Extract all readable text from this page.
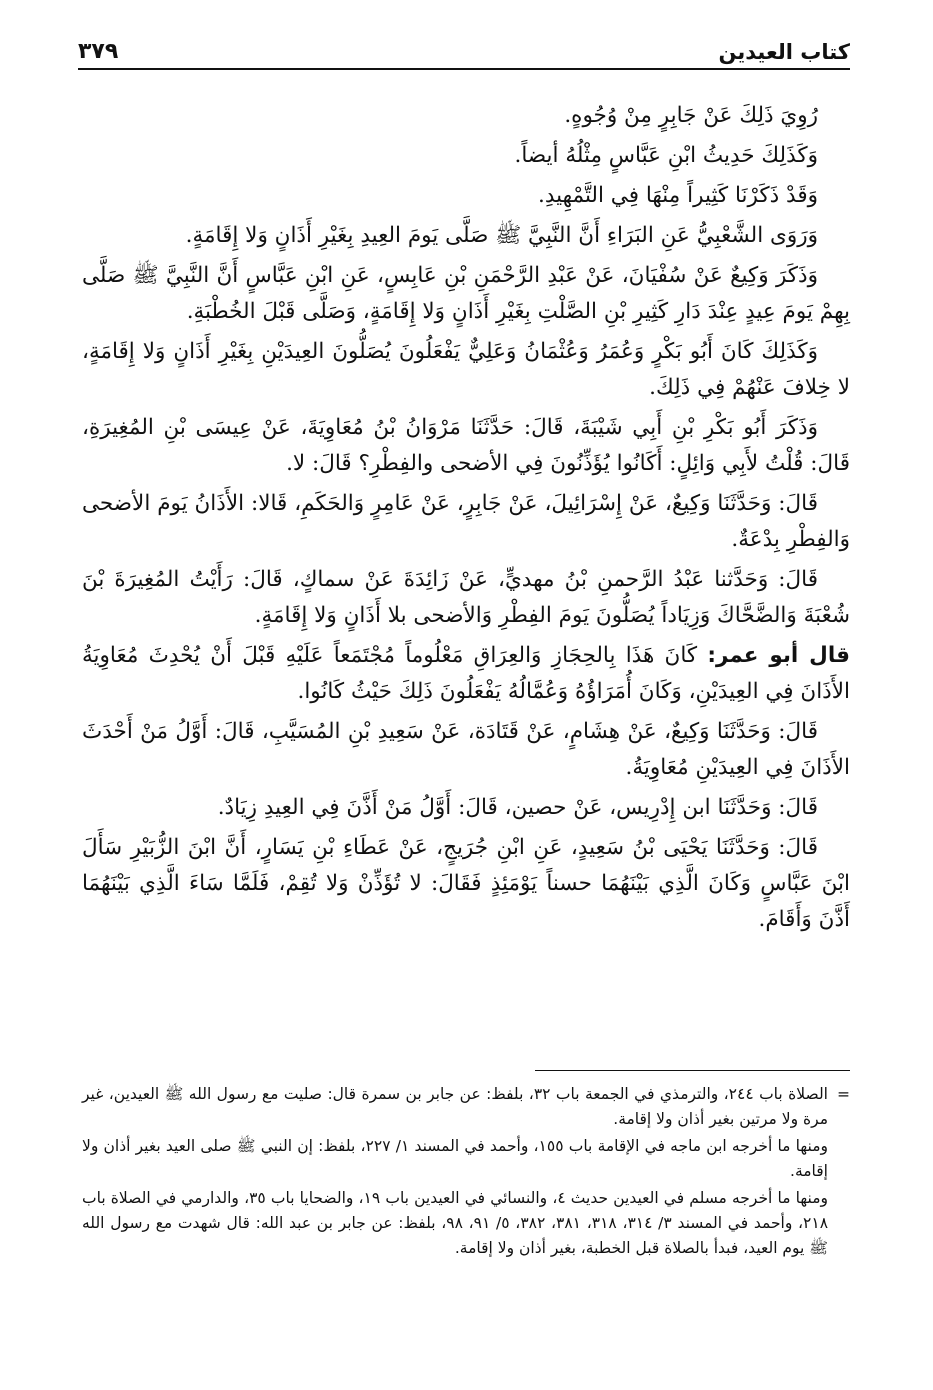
كتاب العيدين
٣٧٩

رُوِيَ ذَلِكَ عَنْ جَابِرٍ مِنْ وُجُوهٍ.

وَكَذَلِكَ حَدِيثُ ابْنِ عَبَّاسٍ مِثْلُهُ أيضاً.

وَقَدْ ذَكَرْنَا كَثِيراً مِنْهَا فِي التَّمْهِيدِ.

وَرَوَى الشَّعْبِيُّ عَنِ البَرَاءِ أَنَّ النَّبِيَّ ﷺ صَلَّى يَومَ العِيدِ بِغَيْرِ أَذَانٍ وَلا إِقَامَةٍ.

وَذَكَرَ وَكِيعٌ عَنْ سُفْيَانَ، عَنْ عَبْدِ الرَّحْمَنِ بْنِ عَابِسٍ، عَنِ ابْنِ عَبَّاسٍ أَنَّ النَّبِيَّ ﷺ صَلَّى بِهِمْ يَومَ عِيدٍ عِنْدَ دَارِ كَثِيرِ بْنِ الصَّلْتِ بِغَيْرِ أَذَانٍ وَلا إِقَامَةٍ، وَصَلَّى قَبْلَ الخُطْبَةِ.

وَكَذَلِكَ كَانَ أَبُو بَكْرٍ وَعُمَرُ وَعُثْمَانُ وَعَلِيٌّ يَفْعَلُونَ يُصَلُّونَ العِيدَيْنِ بِغَيْرِ أَذَانٍ وَلا إِقَامَةٍ، لا خِلافَ عَنْهُمْ فِي ذَلِكَ.

وَذَكَرَ أَبُو بَكْرِ بْنِ أَبِي شَيْبَةَ، قَالَ: حَدَّثَنَا مَرْوَانُ بْنُ مُعَاوِيَةَ، عَنْ عِيسَى بْنِ المُغِيرَةِ، قَالَ: قُلْتُ لأَبِي وَائِلٍ: أَكَانُوا يُؤَذِّنُونَ فِي الأضحى والفِطْرِ؟ قَالَ: لا.

قَالَ: وَحَدَّثَنَا وَكِيعٌ، عَنْ إِسْرَائِيلَ، عَنْ جَابِرٍ، عَنْ عَامِرٍ وَالحَكَمِ، قَالا: الأَذَانُ يَومَ الأضحى وَالفِطْرِ بِدْعَةٌ.

قَالَ: وَحَدَّثنا عَبْدُ الرَّحمنِ بْنُ مهديٍّ، عَنْ زَائِدَةَ عَنْ سماكٍ، قَالَ: رَأَيْتُ المُغِيرَةَ بْنَ شُعْبَةَ وَالضَّحَّاكَ وَزِيَاداً يُصَلُّونَ يَومَ الفِطْرِ وَالأضحى بلا أَذَانٍ وَلا إِقَامَةٍ.

قال أبو عمر: كَانَ هَذَا بِالحِجَازِ وَالعِرَاقِ مَعْلُوماً مُجْتَمَعاً عَلَيْهِ قَبْلَ أَنْ يُحْدِثَ مُعَاوِيَةُ الأَذَانَ فِي العِيدَيْنِ، وَكَانَ أُمَرَاؤُهُ وَعُمَّالُهُ يَفْعَلُونَ ذَلِكَ حَيْثُ كَانُوا.

قَالَ: وَحَدَّثَنَا وَكِيعٌ، عَنْ هِشَامٍ، عَنْ قَتَادَة، عَنْ سَعِيدِ بْنِ المُسَيَّبِ، قَالَ: أَوَّلُ مَنْ أَحْدَثَ الأَذَانَ فِي العِيدَيْنِ مُعَاوِيَةُ.

قَالَ: وَحَدَّثَنَا ابن إِدْرِيس، عَنْ حصين، قَالَ: أَوَّلُ مَنْ أَذَّنَ فِي العِيدِ زِيَادٌ.

قَالَ: وَحَدَّثَنَا يَحْيَى بْنُ سَعِيدٍ، عَنِ ابْنِ جُرَيجٍ، عَنْ عَطَاءِ بْنِ يَسَارٍ، أَنَّ ابْنَ الزُّبَيْرِ سَأَلَ ابْنَ عَبَّاسٍ وَكَانَ الَّذِي بَيْنَهُمَا حسناً يَوْمَئِذٍ فَقَالَ: لا تُؤَذِّنْ وَلا تُقِمْ، فَلَمَّا سَاءَ الَّذِي بَيْنَهُمَا أَذَّنَ وَأَقَامَ.

=
الصلاة باب ٢٤٤، والترمذي في الجمعة باب ٣٢، بلفظ: عن جابر بن سمرة قال: صليت مع رسول الله ﷺ العيدين، غير مرة ولا مرتين بغير أذان ولا إقامة.

ومنها ما أخرجه ابن ماجه في الإقامة باب ١٥٥، وأحمد في المسند ١/ ٢٢٧، بلفظ: إن النبي ﷺ صلى العيد بغير أذان ولا إقامة.

ومنها ما أخرجه مسلم في العيدين حديث ٤، والنسائي في العيدين باب ١٩، والضحايا باب ٣٥، والدارمي في الصلاة باب ٢١٨، وأحمد في المسند ٣/ ٣١٤، ٣١٨، ٣٨١، ٣٨٢، ٥/ ٩١، ٩٨، بلفظ: عن جابر بن عبد الله: قال شهدت مع رسول الله ﷺ يوم العيد، فبدأ بالصلاة قبل الخطبة، بغير أذان ولا إقامة.
